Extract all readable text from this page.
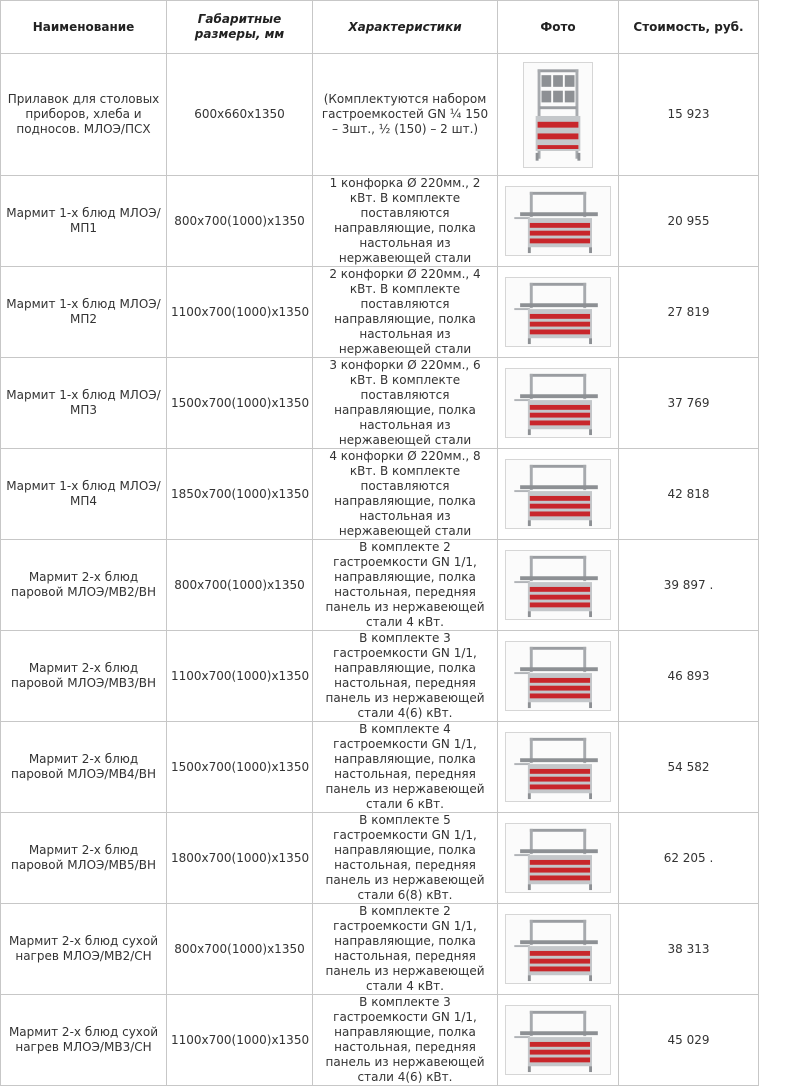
Наименование	Габаритные размеры, мм	Характеристики	Фото	Стоимость, руб.
Прилавок для столовых приборов, хлеба и подносов. МЛОЭ/ПСХ	600x660x1350	(Комплектуются набором гастроемкостей GN ¼ 150 – 3шт., ½ (150) – 2 шт.)		15 923
Мармит 1-х блюд МЛОЭ/МП1	800x700(1000)x1350	1 конфорка Ø 220мм., 2 кВт. В комплекте поставляются направляющие, полка настольная из нержавеющей стали		20 955
Мармит 1-х блюд МЛОЭ/МП2	1100x700(1000)x1350	2 конфорки Ø 220мм., 4 кВт. В комплекте поставляются направляющие, полка настольная из нержавеющей стали		27 819
Мармит 1-х блюд МЛОЭ/МП3	1500x700(1000)x1350	3 конфорки Ø 220мм., 6 кВт. В комплекте поставляются направляющие, полка настольная из нержавеющей стали		37 769
Мармит 1-х блюд МЛОЭ/МП4	1850x700(1000)x1350	4 конфорки Ø 220мм., 8 кВт. В комплекте поставляются направляющие, полка настольная из нержавеющей стали		42 818
Мармит 2-х блюд паровой МЛОЭ/МВ2/ВН	800x700(1000)x1350	В комплекте 2 гастроемкости GN 1/1, направляющие, полка настольная, передняя панель из нержавеющей стали 4 кВт.		39 897 .
Мармит 2-х блюд паровой МЛОЭ/МВ3/ВН	1100x700(1000)x1350	В комплекте 3 гастроемкости GN 1/1, направляющие, полка настольная, передняя панель из нержавеющей стали 4(6) кВт.		46 893
Мармит 2-х блюд паровой МЛОЭ/МВ4/ВН	1500x700(1000)x1350	В комплекте 4 гастроемкости GN 1/1, направляющие, полка настольная, передняя панель из нержавеющей стали 6 кВт.		54 582
Мармит 2-х блюд паровой МЛОЭ/МВ5/ВН	1800x700(1000)x1350	В комплекте 5 гастроемкости GN 1/1, направляющие, полка настольная, передняя панель из нержавеющей стали 6(8) кВт.		62 205 .
Мармит 2-х блюд сухой нагрев МЛОЭ/МВ2/СН	800x700(1000)x1350	В комплекте 2 гастроемкости GN 1/1, направляющие, полка настольная, передняя панель из нержавеющей стали 4 кВт.		38 313
Мармит 2-х блюд сухой нагрев МЛОЭ/МВ3/СН	1100x700(1000)x1350	В комплекте 3 гастроемкости GN 1/1, направляющие, полка настольная, передняя панель из нержавеющей стали 4(6) кВт.		45 029
